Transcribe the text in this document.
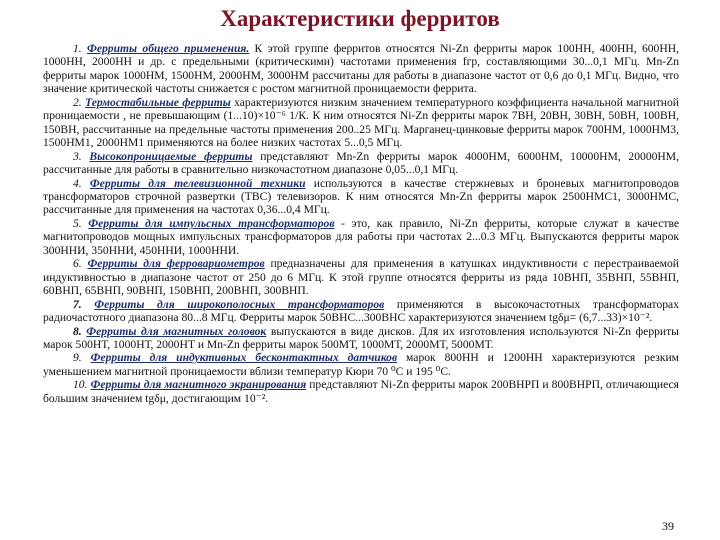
Характеристики ферритов

1. Ферриты общего применения. К этой группе ферритов относятся Ni-Zn ферриты марок 100НН, 400НН, 600НН, 1000НН, 2000НН и др. с предельными (критическими) частотами применения fгр, составляющими 30...0,1 МГц. Mn-Zn ферриты марок 1000НМ, 1500НМ, 2000НМ, 3000НМ рассчитаны для работы в диапазоне частот от 0,6 до 0,1 МГц. Видно, что значение критической частоты снижается с ростом магнитной проницаемости феррита.

2. Термостабильные ферриты характеризуются низким значением температурного коэффициента начальной магнитной проницаемости , не превышающим (1...10)×10⁻⁶ 1/К. К ним относятся Ni-Zn ферриты марок 7ВН, 20ВН, 30ВН, 50ВН, 100ВН, 150ВН, рассчитанные на предельные частоты применения 200..25 МГц. Марганец-цинковые ферриты марок 700НМ, 1000НМ3, 1500НМ1, 2000НМ1 применяются на более низких частотах 5...0,5 МГц.

3. Высокопроницаемые ферриты представляют Mn-Zn ферриты марок 4000НМ, 6000НМ, 10000НМ, 20000НМ, рассчитанные для работы в сравнительно низкочастотном диапазоне 0,05...0,1 МГц.

4. Ферриты для телевизионной техники используются в качестве стержневых и броневых магнитопроводов трансформаторов строчной развертки (ТВС) телевизоров. К ним относятся Mn-Zn ферриты марок 2500НМС1, 3000НМС, рассчитанные для применения на частотах 0,36...0,4 МГц.

5. Ферриты для импульсных трансформаторов - это, как правило, Ni-Zn ферриты, которые служат в качестве магнитопроводов мощных импульсных трансформаторов для работы при частотах 2...0.3 МГц. Выпускаются ферриты марок 300ННИ, 350ННИ, 450ННИ, 1000ННИ.

6. Ферриты для ферровариометров предназначены для применения в катушках индуктивности с перестраиваемой индуктивностью в диапазоне частот от 250 до 6 МГц. К этой группе относятся ферриты из ряда 10ВНП, 35ВНП, 55ВНП, 60ВНП, 65ВНП, 90ВНП, 150ВНП, 200ВНП, 300ВНП.

7. Ферриты для широкополосных трансформаторов применяются в высокочастотных трансформаторах радиочастотного диапазона 80...8 МГц. Ферриты марок 50ВНС...300ВНС характеризуются значением tgδμ= (6,7...33)×10⁻².

8. Ферриты для магнитных головок выпускаются в виде дисков. Для их изготовления используются Ni-Zn ферриты марок 500НТ, 1000НТ, 2000НТ и Mn-Zn ферриты марок 500МТ, 1000МТ, 2000МТ, 5000МТ.

9. Ферриты для индуктивных бесконтактных датчиков марок 800НН и 1200НН характеризуются резким уменьшением магнитной проницаемости вблизи температур Кюри 70 ⁰С и 195 ⁰С.

10. Ферриты для магнитного экранирования представляют Ni-Zn ферриты марок 200ВНРП и 800ВНРП, отличающиеся большим значением tgδμ, достигающим 10⁻².

39
